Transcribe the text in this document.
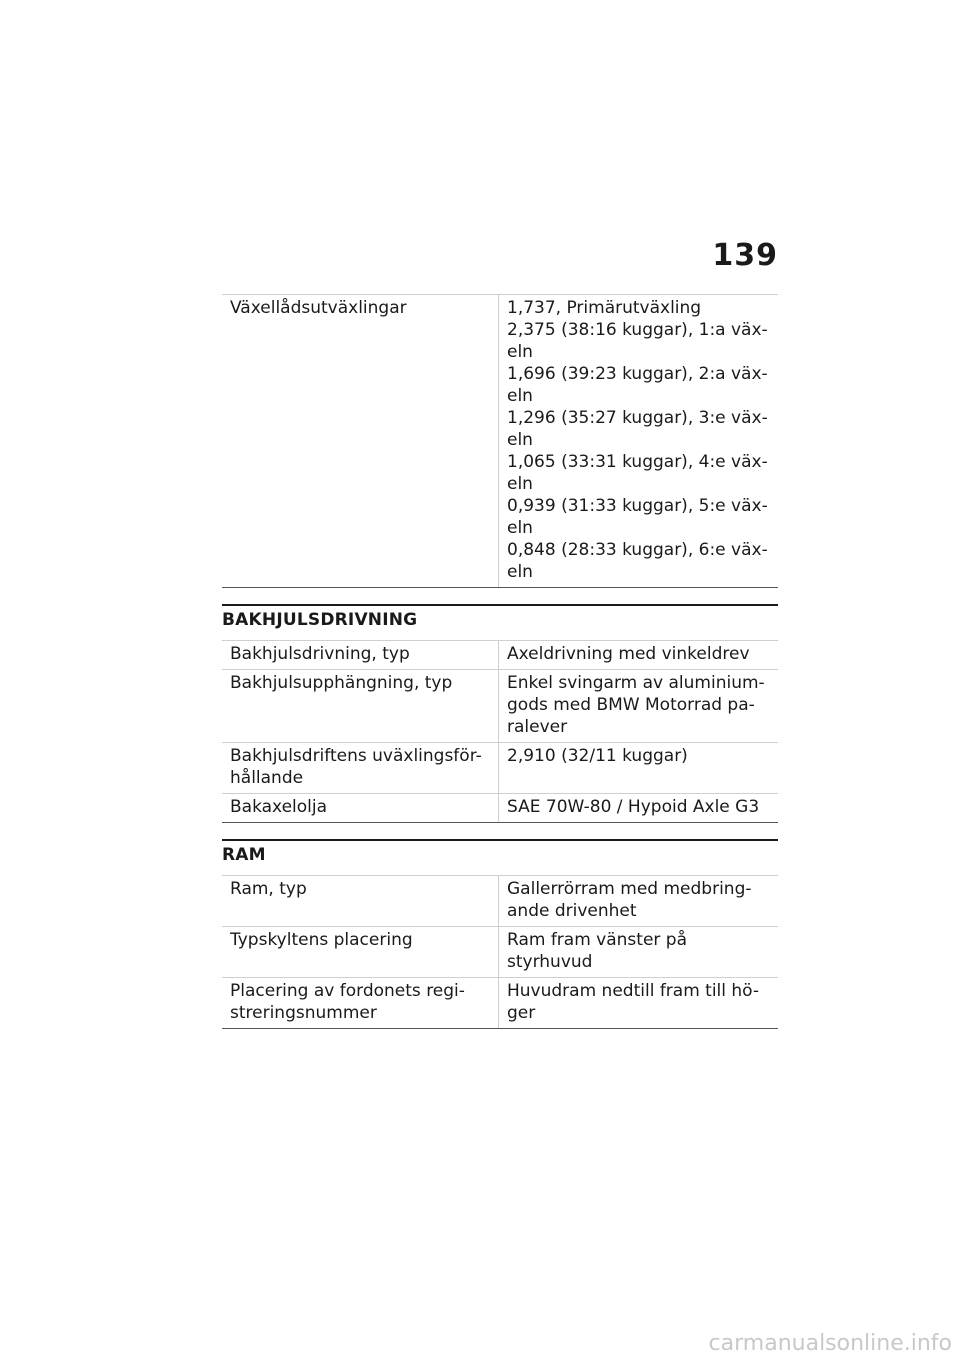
139
Växellådsutväxlingar	1,737, Primärutväxling
2,375 (38:16 kuggar), 1:a väx-eln
1,696 (39:23 kuggar), 2:a väx-eln
1,296 (35:27 kuggar), 3:e väx-eln
1,065 (33:31 kuggar), 4:e väx-eln
0,939 (31:33 kuggar), 5:e väx-eln
0,848 (28:33 kuggar), 6:e väx-eln
BAKHJULSDRIVNING
Bakhjulsdrivning, typ	Axeldrivning med vinkeldrev
Bakhjulsupphängning, typ	Enkel svingarm av aluminium-gods med BMW Motorrad pa-ralever
Bakhjulsdriftens uväxlingsför-hållande	2,910 (32/11 kuggar)
Bakaxelolja	SAE 70W-80 / Hypoid Axle G3
RAM
Ram, typ	Gallerrörram med medbring-ande drivenhet
Typskyltens placering	Ram fram vänster på styrhuvud
Placering av fordonets regi-streringsnummer	Huvudram nedtill fram till hö-ger
carmanualsonline.info
